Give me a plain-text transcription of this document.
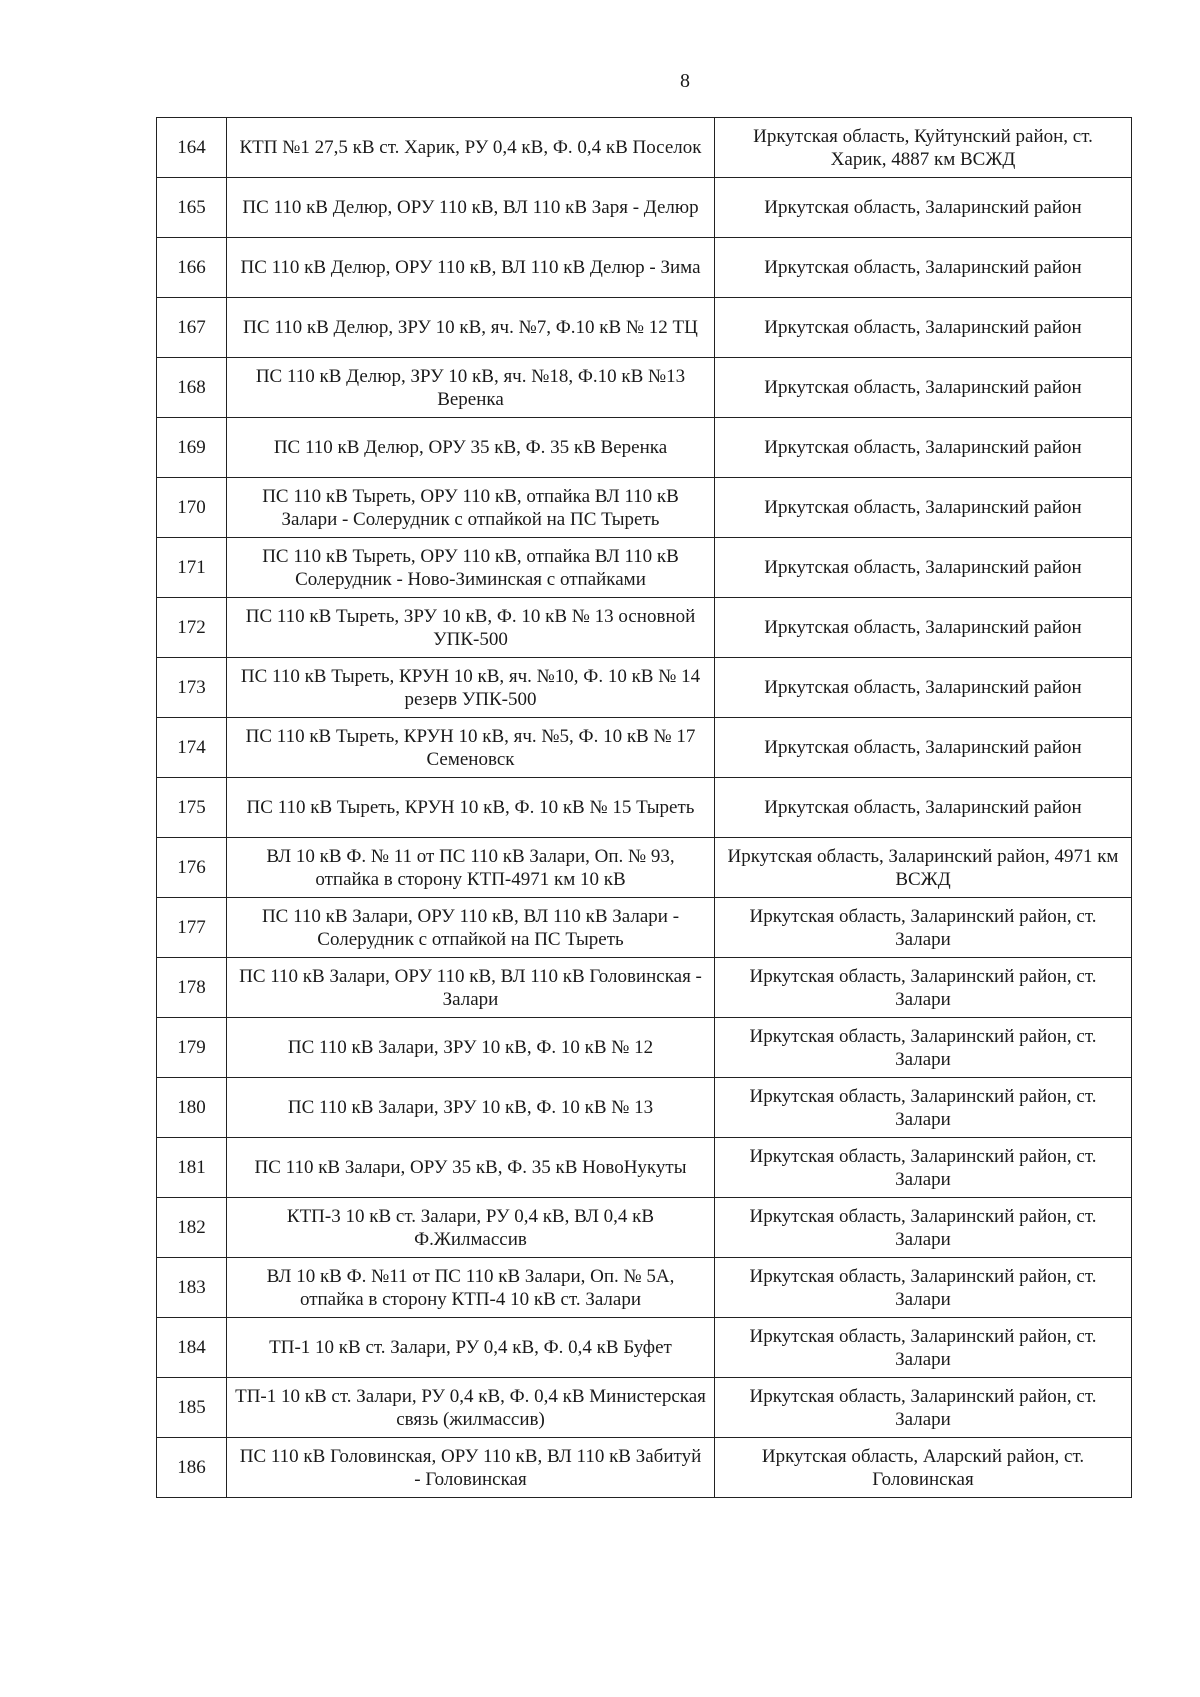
8
164	КТП №1 27,5 кВ ст. Харик, РУ 0,4 кВ, Ф. 0,4 кВ Поселок	Иркутская область, Куйтунский район, ст. Харик, 4887 км ВСЖД
165	ПС 110 кВ Делюр, ОРУ 110 кВ, ВЛ 110 кВ Заря - Делюр	Иркутская область, Заларинский район
166	ПС 110 кВ Делюр, ОРУ 110 кВ, ВЛ 110 кВ Делюр - Зима	Иркутская область, Заларинский район
167	ПС 110 кВ Делюр, ЗРУ 10 кВ, яч. №7, Ф.10 кВ № 12 ТЦ	Иркутская область, Заларинский район
168	ПС 110 кВ Делюр, ЗРУ 10 кВ, яч. №18, Ф.10 кВ №13 Веренка	Иркутская область, Заларинский район
169	ПС 110 кВ Делюр, ОРУ 35 кВ, Ф. 35 кВ Веренка	Иркутская область, Заларинский район
170	ПС 110 кВ Тыреть, ОРУ 110 кВ, отпайка ВЛ 110 кВ Залари - Солерудник с отпайкой на ПС Тыреть	Иркутская область, Заларинский район
171	ПС 110 кВ Тыреть, ОРУ 110 кВ, отпайка ВЛ 110 кВ Солерудник - Ново-Зиминская с отпайками	Иркутская область, Заларинский район
172	ПС 110 кВ Тыреть, ЗРУ 10 кВ, Ф. 10 кВ № 13 основной УПК-500	Иркутская область, Заларинский район
173	ПС 110 кВ Тыреть, КРУН 10 кВ, яч. №10, Ф. 10 кВ № 14 резерв УПК-500	Иркутская область, Заларинский район
174	ПС 110 кВ Тыреть, КРУН 10 кВ, яч. №5, Ф. 10 кВ № 17 Семеновск	Иркутская область, Заларинский район
175	ПС 110 кВ Тыреть, КРУН 10 кВ, Ф. 10 кВ № 15 Тыреть	Иркутская область, Заларинский район
176	ВЛ 10 кВ Ф. № 11 от ПС 110 кВ Залари, Оп. № 93, отпайка в сторону КТП-4971 км 10 кВ	Иркутская область, Заларинский район, 4971 км ВСЖД
177	ПС 110 кВ Залари, ОРУ 110 кВ, ВЛ 110 кВ Залари - Солерудник с отпайкой на ПС Тыреть	Иркутская область, Заларинский район, ст. Залари
178	ПС 110 кВ Залари, ОРУ 110 кВ, ВЛ 110 кВ Головинская - Залари	Иркутская область, Заларинский район, ст. Залари
179	ПС 110 кВ Залари, ЗРУ 10 кВ, Ф. 10 кВ № 12	Иркутская область, Заларинский район, ст. Залари
180	ПС 110 кВ Залари, ЗРУ 10 кВ, Ф. 10 кВ № 13	Иркутская область, Заларинский район, ст. Залари
181	ПС 110 кВ Залари, ОРУ 35 кВ, Ф. 35 кВ НовоНукуты	Иркутская область, Заларинский район, ст. Залари
182	КТП-3 10 кВ ст. Залари, РУ 0,4 кВ, ВЛ 0,4 кВ Ф.Жилмассив	Иркутская область, Заларинский район, ст. Залари
183	ВЛ 10 кВ Ф. №11 от ПС 110 кВ Залари, Оп. № 5А, отпайка в сторону КТП-4 10 кВ ст. Залари	Иркутская область, Заларинский район, ст. Залари
184	ТП-1 10 кВ ст. Залари, РУ 0,4 кВ, Ф. 0,4 кВ Буфет	Иркутская область, Заларинский район, ст. Залари
185	ТП-1 10 кВ ст. Залари, РУ 0,4 кВ, Ф. 0,4 кВ Министерская связь (жилмассив)	Иркутская область, Заларинский район, ст. Залари
186	ПС 110 кВ Головинская, ОРУ 110 кВ, ВЛ 110 кВ Забитуй - Головинская	Иркутская область, Аларский район, ст. Головинская
